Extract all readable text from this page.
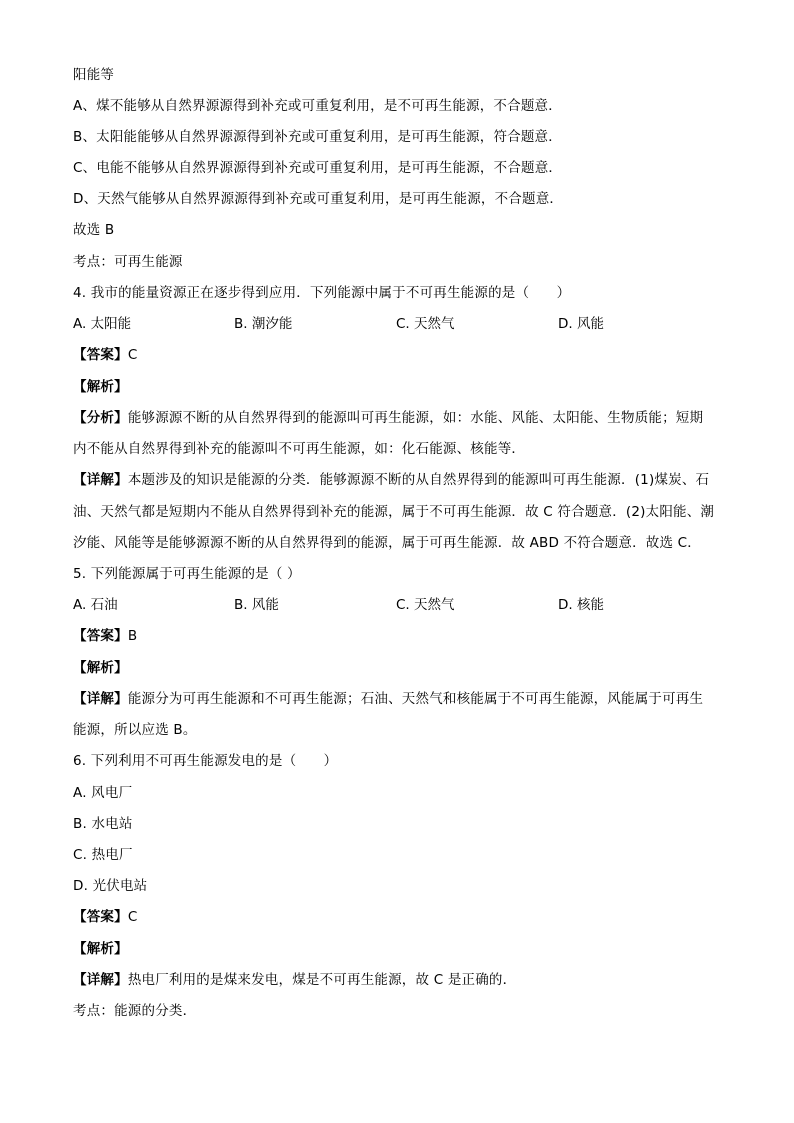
阳能等
A、煤不能够从自然界源源得到补充或可重复利用，是不可再生能源，不合题意．
B、太阳能能够从自然界源源得到补充或可重复利用，是可再生能源，符合题意．
C、电能不能够从自然界源源得到补充或可重复利用，是可再生能源，不合题意．
D、天然气能够从自然界源源得到补充或可重复利用，是可再生能源，不合题意．
故选 B
考点：可再生能源
4. 我市的能量资源正在逐步得到应用．下列能源中属于不可再生能源的是（　　）
A. 太阳能	B. 潮汐能	C. 天然气	D. 风能
【答案】C
【解析】
【分析】能够源源不断的从自然界得到的能源叫可再生能源，如：水能、风能、太阳能、生物质能；短期
内不能从自然界得到补充的能源叫不可再生能源，如：化石能源、核能等．
【详解】本题涉及的知识是能源的分类．能够源源不断的从自然界得到的能源叫可再生能源．(1)煤炭、石
油、天然气都是短期内不能从自然界得到补充的能源，属于不可再生能源．故 C 符合题意．(2)太阳能、潮
汐能、风能等是能够源源不断的从自然界得到的能源，属于可再生能源．故 ABD 不符合题意．故选 C．
5. 下列能源属于可再生能源的是（ ）
A. 石油	B. 风能	C. 天然气	D. 核能
【答案】B
【解析】
【详解】能源分为可再生能源和不可再生能源；石油、天然气和核能属于不可再生能源，风能属于可再生
能源，所以应选 B。
6. 下列利用不可再生能源发电的是（　　）
A. 风电厂
B. 水电站
C. 热电厂
D. 光伏电站
【答案】C
【解析】
【详解】热电厂利用的是煤来发电，煤是不可再生能源，故 C 是正确的．
考点：能源的分类．
